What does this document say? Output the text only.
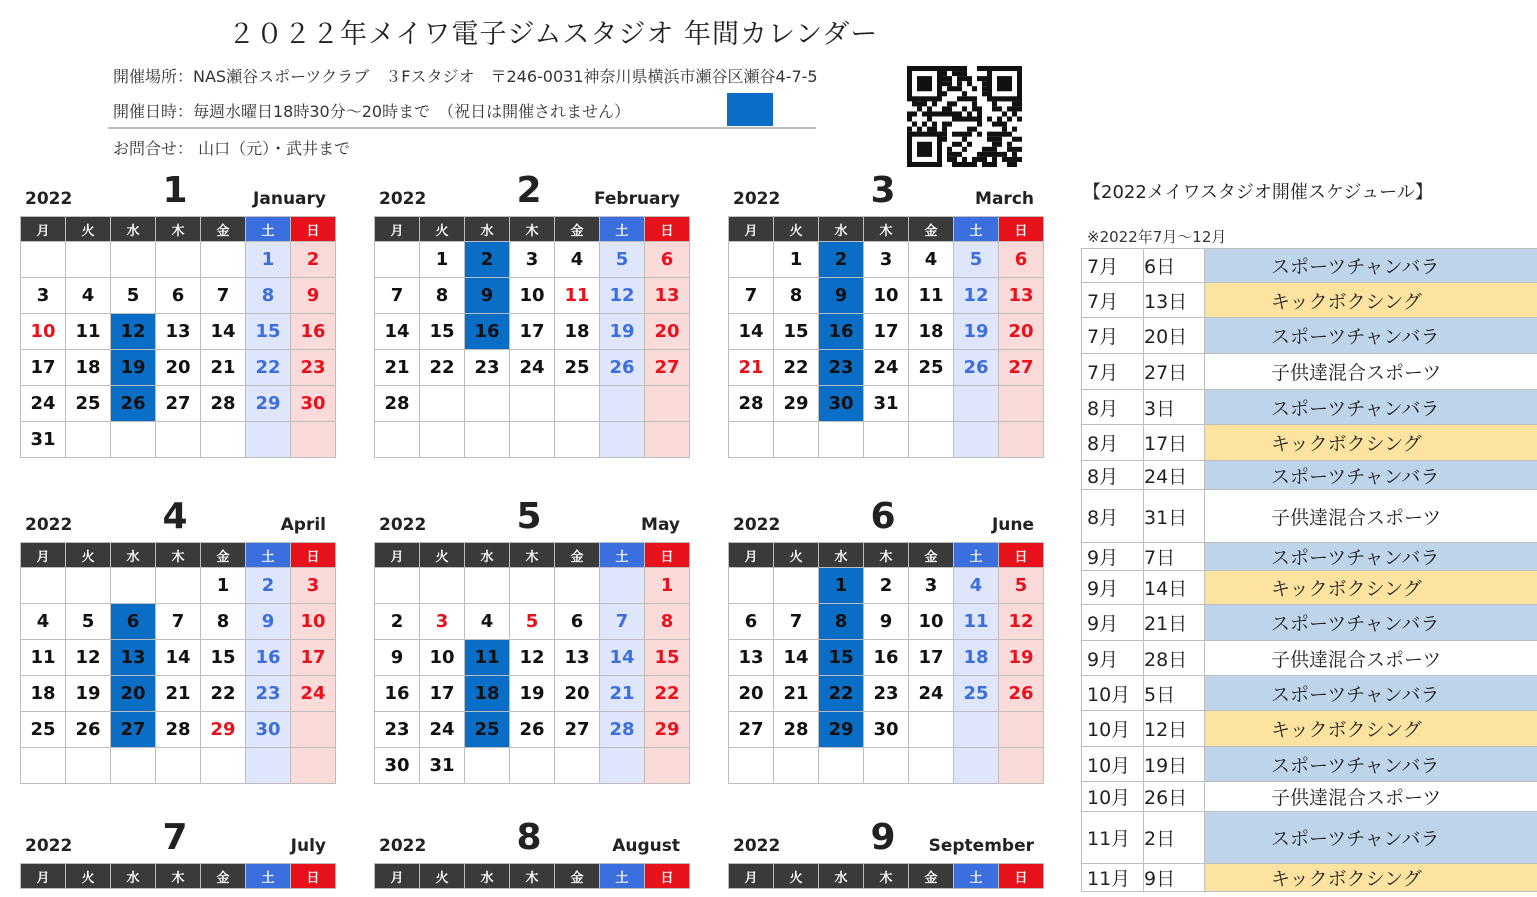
２０２２年メイワ電子ジムスタジオ 年間カレンダー
開催場所：NAS瀬谷スポーツクラブ　３Fスタジオ　〒246-0031神奈川県横浜市瀬谷区瀬谷4-7-5
開催日時：毎週水曜日18時30分～20時まで　（祝日は開催されません）
お問合せ： 山口（元）・武井まで
2022	1	January
月	火	水	木	金	土	日
					1	2
3	4	5	6	7	8	9
10	11	12	13	14	15	16
17	18	19	20	21	22	23
24	25	26	27	28	29	30
31						
2022	2	February
月	火	水	木	金	土	日
	1	2	3	4	5	6
7	8	9	10	11	12	13
14	15	16	17	18	19	20
21	22	23	24	25	26	27
28						

2022	3	March
月	火	水	木	金	土	日
	1	2	3	4	5	6
7	8	9	10	11	12	13
14	15	16	17	18	19	20
21	22	23	24	25	26	27
28	29	30	31			

2022	4	April
月	火	水	木	金	土	日
				1	2	3
4	5	6	7	8	9	10
11	12	13	14	15	16	17
18	19	20	21	22	23	24
25	26	27	28	29	30	

2022	5	May
月	火	水	木	金	土	日
						1
2	3	4	5	6	7	8
9	10	11	12	13	14	15
16	17	18	19	20	21	22
23	24	25	26	27	28	29
30	31					
2022	6	June
月	火	水	木	金	土	日
		1	2	3	4	5
6	7	8	9	10	11	12
13	14	15	16	17	18	19
20	21	22	23	24	25	26
27	28	29	30			

2022	7	July
月	火	水	木	金	土	日
2022	8	August
月	火	水	木	金	土	日
2022	9	September
月	火	水	木	金	土	日
【2022メイワスタジオ開催スケジュール】
※2022年7月～12月
7月	6日	スポーツチャンバラ
7月	13日	キックボクシング
7月	20日	スポーツチャンバラ
7月	27日	子供達混合スポーツ
8月	3日	スポーツチャンバラ
8月	17日	キックボクシング
8月	24日	スポーツチャンバラ
8月	31日	子供達混合スポーツ
9月	7日	スポーツチャンバラ
9月	14日	キックボクシング
9月	21日	スポーツチャンバラ
9月	28日	子供達混合スポーツ
10月	5日	スポーツチャンバラ
10月	12日	キックボクシング
10月	19日	スポーツチャンバラ
10月	26日	子供達混合スポーツ
11月	2日	スポーツチャンバラ
11月	9日	キックボクシング
